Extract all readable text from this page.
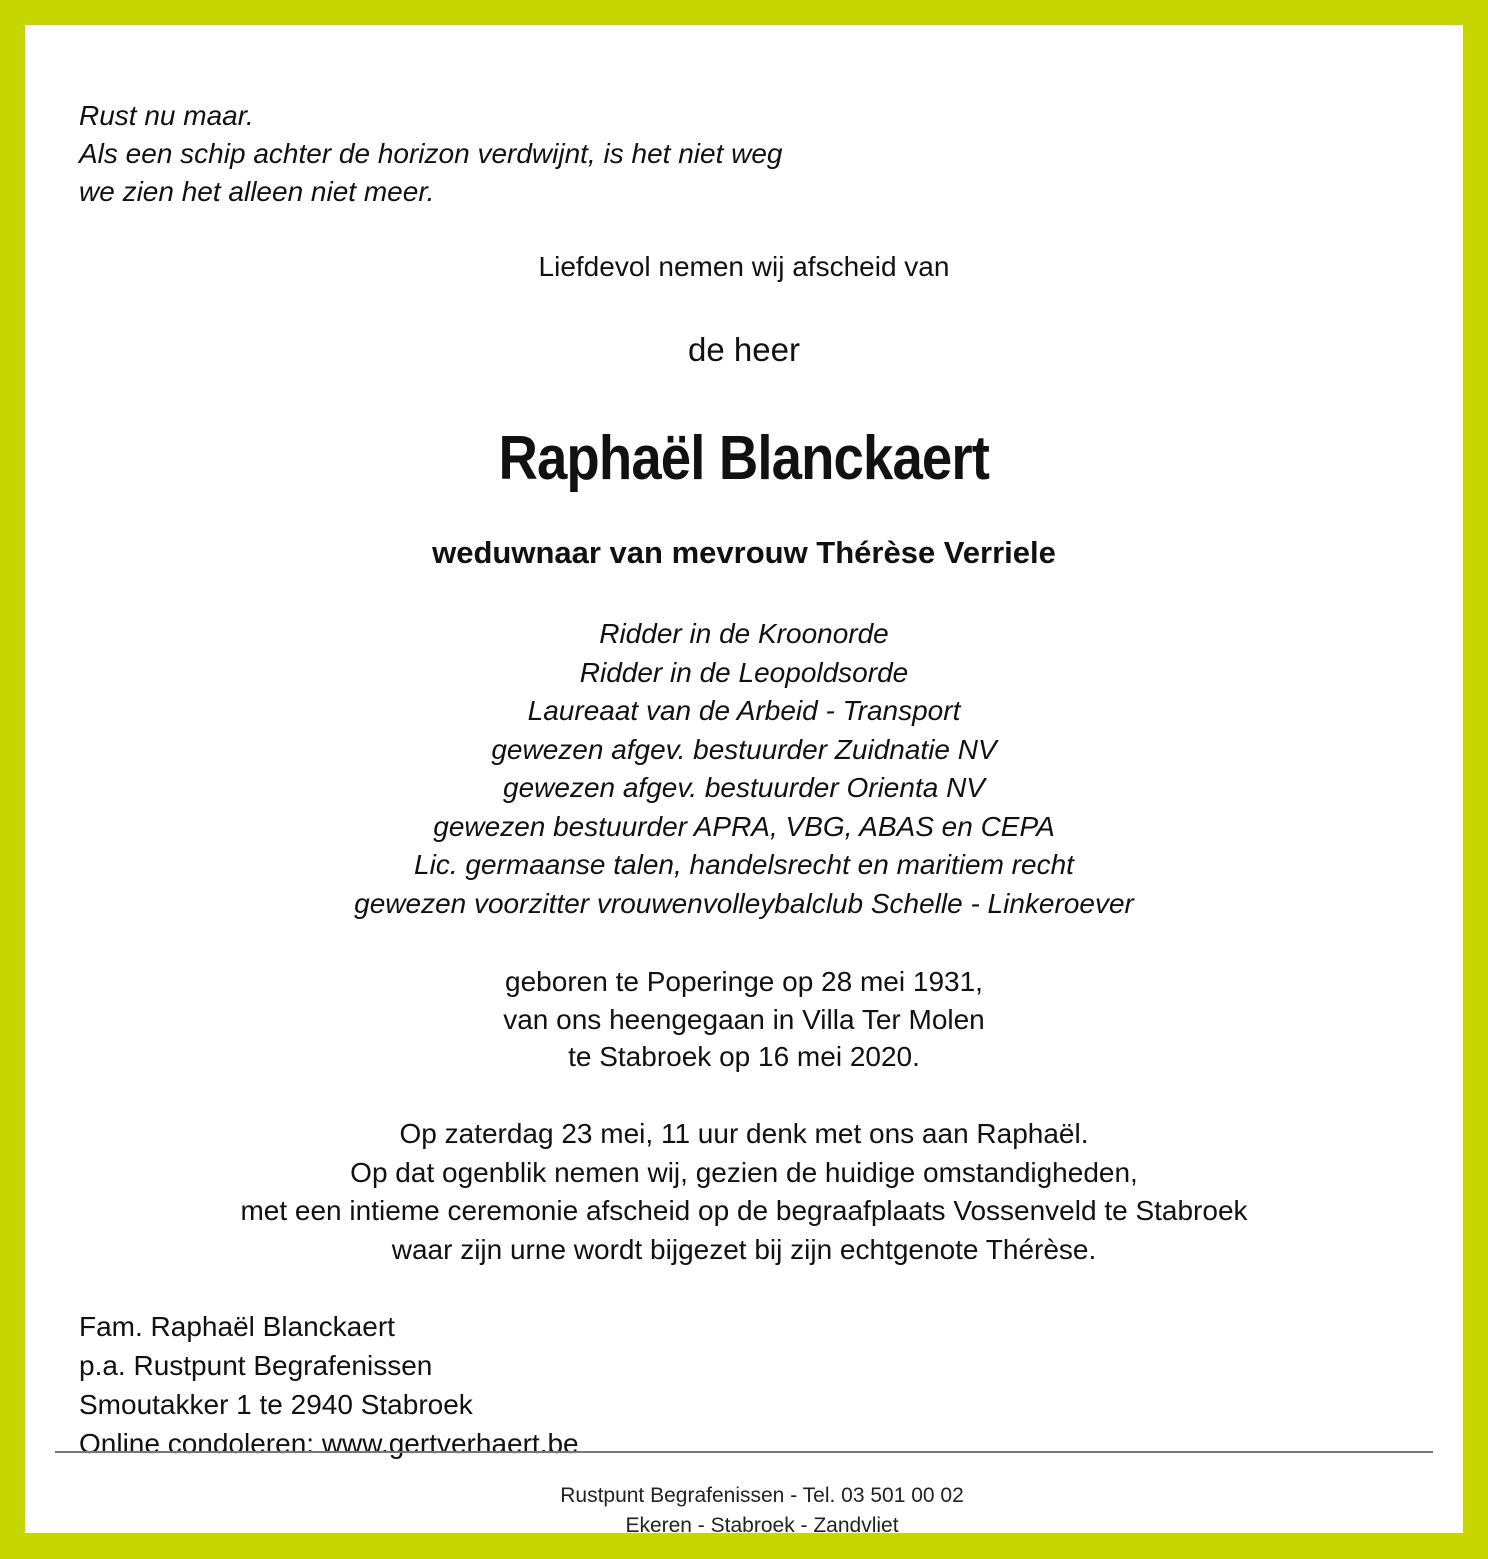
Rust nu maar.
Als een schip achter de horizon verdwijnt, is het niet weg
we zien het alleen niet meer.
Liefdevol nemen wij afscheid van
de heer
Raphaël Blanckaert
weduwnaar van mevrouw Thérèse Verriele
Ridder in de Kroonorde
Ridder in de Leopoldsorde
Laureaat van de Arbeid - Transport
gewezen afgev. bestuurder Zuidnatie NV
gewezen afgev. bestuurder Orienta NV
gewezen bestuurder APRA, VBG, ABAS en CEPA
Lic. germaanse talen, handelsrecht en maritiem recht
gewezen voorzitter vrouwenvolleybalclub Schelle - Linkeroever
geboren te Poperinge op 28 mei 1931,
van ons heengegaan in Villa Ter Molen
te Stabroek op 16 mei 2020.
Op zaterdag 23 mei, 11 uur denk met ons aan Raphaël.
Op dat ogenblik nemen wij, gezien de huidige omstandigheden,
met een intieme ceremonie afscheid op de begraafplaats Vossenveld te Stabroek
waar zijn urne wordt bijgezet bij zijn echtgenote Thérèse.
Fam. Raphaël Blanckaert
p.a. Rustpunt Begrafenissen
Smoutakker 1 te 2940 Stabroek
Online condoleren: www.gertverhaert.be
Rustpunt Begrafenissen - Tel. 03 501 00 02
Ekeren - Stabroek - Zandvliet
